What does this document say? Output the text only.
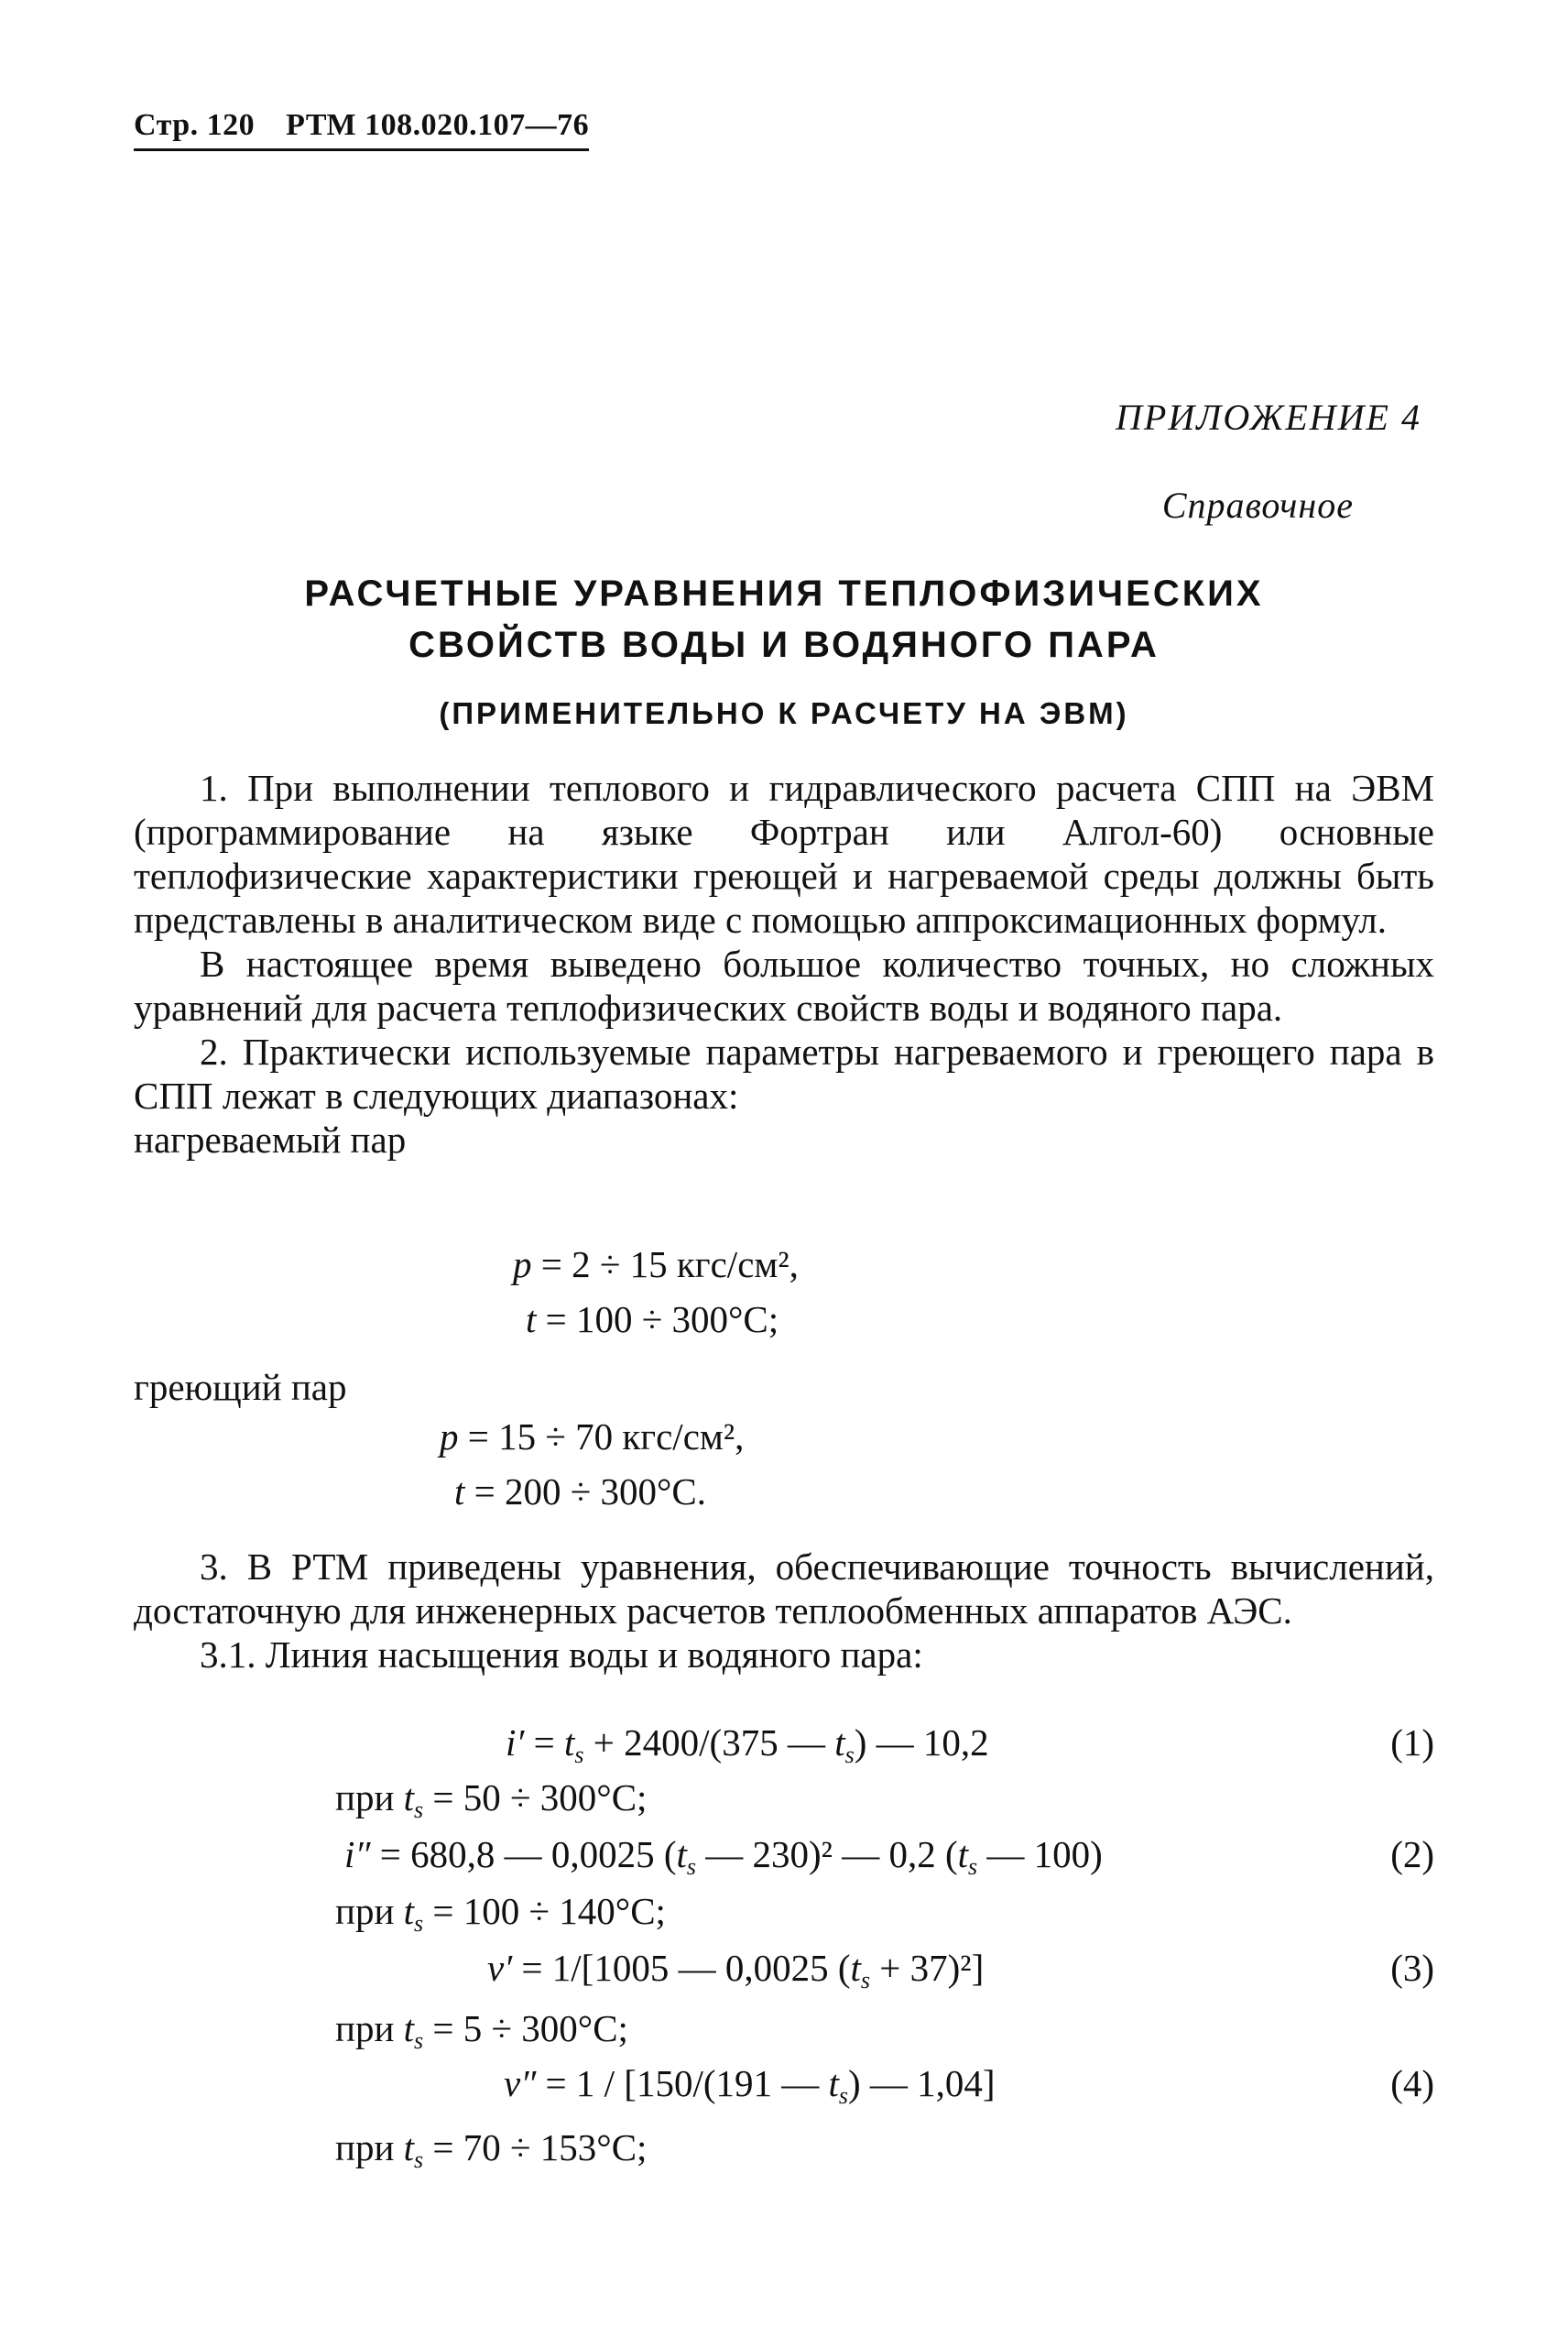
Стр. 120 РТМ 108.020.107—76
ПРИЛОЖЕНИЕ 4
Справочное
РАСЧЕТНЫЕ УРАВНЕНИЯ ТЕПЛОФИЗИЧЕСКИХ
СВОЙСТВ ВОДЫ И ВОДЯНОГО ПАРА
(ПРИМЕНИТЕЛЬНО К РАСЧЕТУ НА ЭВМ)

1. При выполнении теплового и гидравлического расчета СПП на ЭВМ (программирование на языке Фортран или Алгол-60) основные теплофизические характеристики греющей и нагреваемой среды должны быть представлены в аналитическом виде с помощью аппроксимационных формул.

В настоящее время выведено большое количество точных, но сложных уравнений для расчета теплофизических свойств воды и водяного пара.

2. Практически используемые параметры нагреваемого и греющего пара в СПП лежат в следующих диапазонах:

нагреваемый пар

p = 2 ÷ 15 кгс/см²,
t = 100 ÷ 300°C;

греющий пар

p = 15 ÷ 70 кгс/см²,
t = 200 ÷ 300°C.

3. В РТМ приведены уравнения, обеспечивающие точность вычислений, достаточную для инженерных расчетов теплообменных аппаратов АЭС.

3.1. Линия насыщения воды и водяного пара:

$i' = t_s + 2400/(375$ — $t_s$) — 10,2	(1)
при $t_s = 50 \div 300^\circ C$;
i″ = 680,8 — 0,0025 ($t_s$ — 230)² — 0,2 ($t_s$ — 100)	(2)
при $t_s = 100 \div 140^\circ C$;
v′ = 1/[1005 — 0,0025 $(t_s + 37)^2$]	(3)
при $t_s = 5 \div 300^\circ C$;
v″ = 1 / [150/(191 — $t_s$) — 1,04]	(4)
при $t_s = 70 \div 153^\circ C$;
